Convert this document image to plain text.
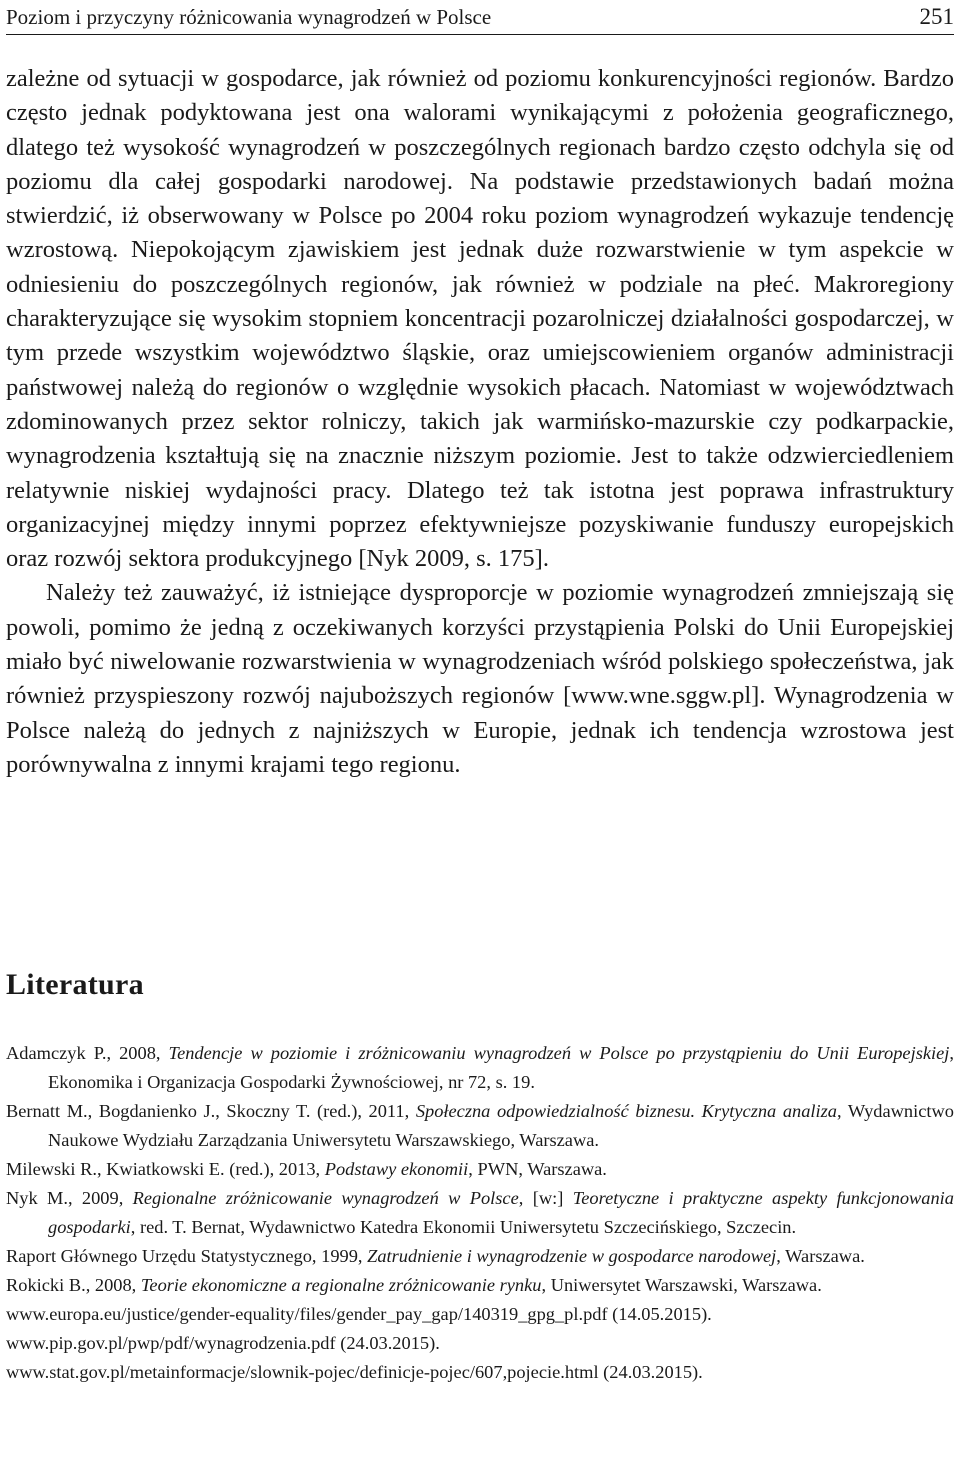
Poziom i przyczyny różnicowania wynagrodzeń w Polsce	251

zależne od sytuacji w gospodarce, jak również od poziomu konkurencyjności regionów. Bardzo często jednak podyktowana jest ona walorami wynikającymi z położenia geograficznego, dlatego też wysokość wynagrodzeń w poszczególnych regionach bardzo często odchyla się od poziomu dla całej gospodarki narodowej. Na podstawie przedstawionych badań można stwierdzić, iż obserwowany w Polsce po 2004 roku poziom wynagrodzeń wykazuje tendencję wzrostową. Niepokojącym zjawiskiem jest jednak duże rozwarstwienie w tym aspekcie w odniesieniu do poszczególnych regionów, jak również w podziale na płeć. Makroregiony charakteryzujące się wysokim stopniem koncentracji pozarolniczej działalności gospodarczej, w tym przede wszystkim województwo śląskie, oraz umiejscowieniem organów administracji państwowej należą do regionów o względnie wysokich płacach. Natomiast w województwach zdominowanych przez sektor rolniczy, takich jak warmińsko-mazurskie czy podkarpackie, wynagrodzenia kształtują się na znacznie niższym poziomie. Jest to także odzwierciedleniem relatywnie niskiej wydajności pracy. Dlatego też tak istotna jest poprawa infrastruktury organizacyjnej między innymi poprzez efektywniejsze pozyskiwanie funduszy europejskich oraz rozwój sektora produkcyjnego [Nyk 2009, s. 175].

Należy też zauważyć, iż istniejące dysproporcje w poziomie wynagrodzeń zmniejszają się powoli, pomimo że jedną z oczekiwanych korzyści przystąpienia Polski do Unii Europejskiej miało być niwelowanie rozwarstwienia w wynagrodzeniach wśród polskiego społeczeństwa, jak również przyspieszony rozwój najuboższych regionów [www.wne.sggw.pl]. Wynagrodzenia w Polsce należą do jednych z najniższych w Europie, jednak ich tendencja wzrostowa jest porównywalna z innymi krajami tego regionu.

Literatura
Adamczyk P., 2008, Tendencje w poziomie i zróżnicowaniu wynagrodzeń w Polsce po przystąpieniu do Unii Europejskiej, Ekonomika i Organizacja Gospodarki Żywnościowej, nr 72, s. 19.
Bernatt M., Bogdanienko J., Skoczny T. (red.), 2011, Społeczna odpowiedzialność biznesu. Krytyczna analiza, Wydawnictwo Naukowe Wydziału Zarządzania Uniwersytetu Warszawskiego, Warszawa.
Milewski R., Kwiatkowski E. (red.), 2013, Podstawy ekonomii, PWN, Warszawa.
Nyk M., 2009, Regionalne zróżnicowanie wynagrodzeń w Polsce, [w:] Teoretyczne i praktyczne aspekty funkcjonowania gospodarki, red. T. Bernat, Wydawnictwo Katedra Ekonomii Uniwersytetu Szczecińskiego, Szczecin.
Raport Głównego Urzędu Statystycznego, 1999, Zatrudnienie i wynagrodzenie w gospodarce narodowej, Warszawa.
Rokicki B., 2008, Teorie ekonomiczne a regionalne zróżnicowanie rynku, Uniwersytet Warszawski, Warszawa.
www.europa.eu/justice/gender-equality/files/gender_pay_gap/140319_gpg_pl.pdf (14.05.2015).
www.pip.gov.pl/pwp/pdf/wynagrodzenia.pdf (24.03.2015).
www.stat.gov.pl/metainformacje/slownik-pojec/definicje-pojec/607,pojecie.html (24.03.2015).
